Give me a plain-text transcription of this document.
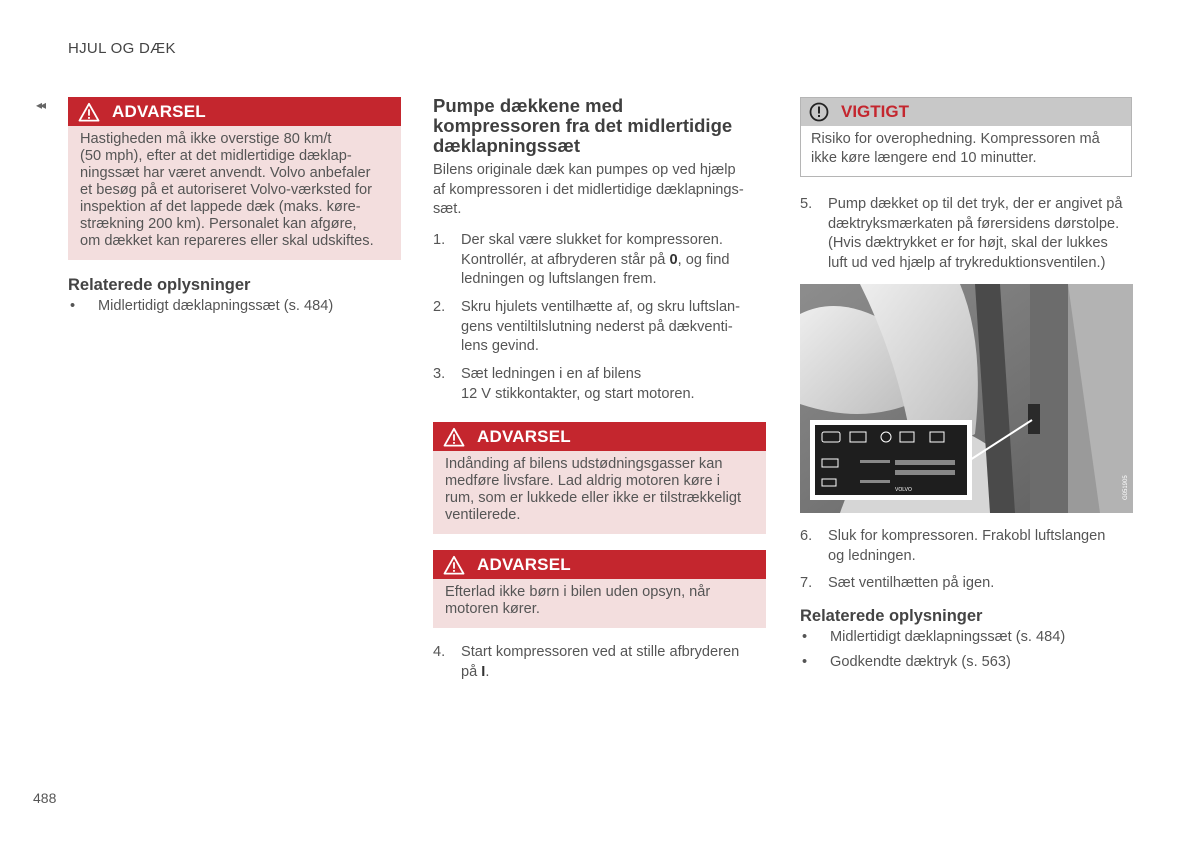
HJUL OG DÆK
◂◂
488
ADVARSEL
Hastigheden må ikke overstige 80 km/t
(50 mph), efter at det midlertidige dæklap-
ningssæt har været anvendt. Volvo anbefaler
et besøg på et autoriseret Volvo-værksted for
inspektion af det lappede dæk (maks. køre-
strækning 200 km). Personalet kan afgøre,
om dækket kan repareres eller skal udskiftes.
Relaterede oplysninger
•	Midlertidigt dæklapningssæt (s. 484)
Pumpe dækkene med
kompressoren fra det midlertidige
dæklapningssæt
Bilens originale dæk kan pumpes op ved hjælp
af kompressoren i det midlertidige dæklapnings-
sæt.
1.	Der skal være slukket for kompressoren.
Kontrollér, at afbryderen står på 0, og find
ledningen og luftslangen frem.
2.	Skru hjulets ventilhætte af, og skru luftslan-
gens ventiltilslutning nederst på dækventi-
lens gevind.
3.	Sæt ledningen i en af bilens
12 V stikkontakter, og start motoren.
ADVARSEL
Indånding af bilens udstødningsgasser kan
medføre livsfare. Lad aldrig motoren køre i
rum, som er lukkede eller ikke er tilstrækkeligt
ventilerede.
ADVARSEL
Efterlad ikke børn i bilen uden opsyn, når
motoren kører.
4.	Start kompressoren ved at stille afbryderen
på I.
VIGTIGT
Risiko for overophedning. Kompressoren må
ikke køre længere end 10 minutter.
5.	Pump dækket op til det tryk, der er angivet på
dæktryksmærkaten på førersidens dørstolpe.
(Hvis dæktrykket er for højt, skal der lukkes
luft ud ved hjælp af trykreduktionsventilen.)
VOLVO	G051905
6.	Sluk for kompressoren. Frakobl luftslangen
og ledningen.
7.	Sæt ventilhætten på igen.
Relaterede oplysninger
•	Midlertidigt dæklapningssæt (s. 484)
•	Godkendte dæktryk (s. 563)
